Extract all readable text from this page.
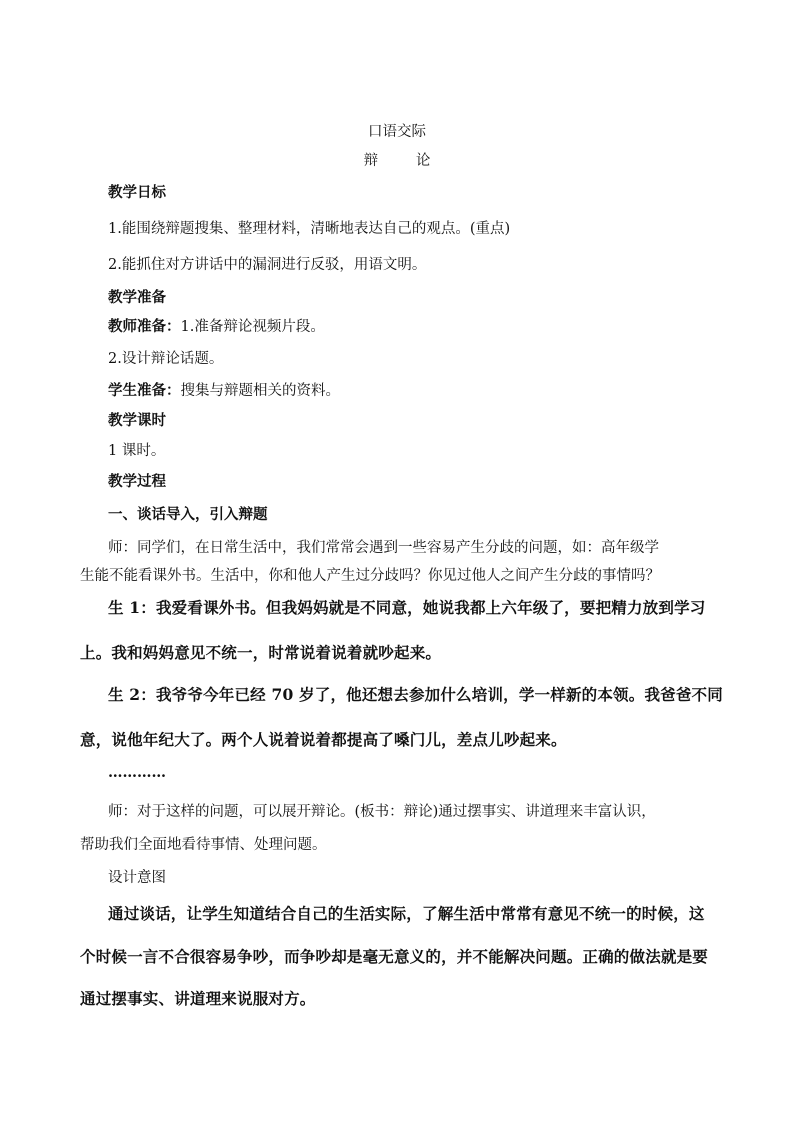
口语交际
辩　论
教学日标
1.能围绕辩题搜集、整理材料，清晰地表达自己的观点。(重点)
2.能抓住对方讲话中的漏洞进行反驳，用语文明。
教学准备
教师准备：1.准备辩论视频片段。
2.设计辩论话题。
学生准备：搜集与辩题相关的资料。
教学课时
1 课时。
教学过程
一、谈话导入，引入辩题
师：同学们，在日常生活中，我们常常会遇到一些容易产生分歧的问题，如：高年级学
生能不能看课外书。生活中，你和他人产生过分歧吗？你见过他人之间产生分歧的事情吗？
生 1：我爱看课外书。但我妈妈就是不同意，她说我都上六年级了，要把精力放到学习
上。我和妈妈意见不统一，时常说着说着就吵起来。
生 2：我爷爷今年已经 70 岁了，他还想去参加什么培训，学一样新的本领。我爸爸不同
意，说他年纪大了。两个人说着说着都提高了嗓门儿，差点儿吵起来。
…………
师：对于这样的问题，可以展开辩论。(板书：辩论)通过摆事实、讲道理来丰富认识，
帮助我们全面地看待事情、处理问题。
设计意图
通过谈话，让学生知道结合自己的生活实际，了解生活中常常有意见不统一的时候，这
个时候一言不合很容易争吵，而争吵却是毫无意义的，并不能解决问题。正确的做法就是要
通过摆事实、讲道理来说服对方。
